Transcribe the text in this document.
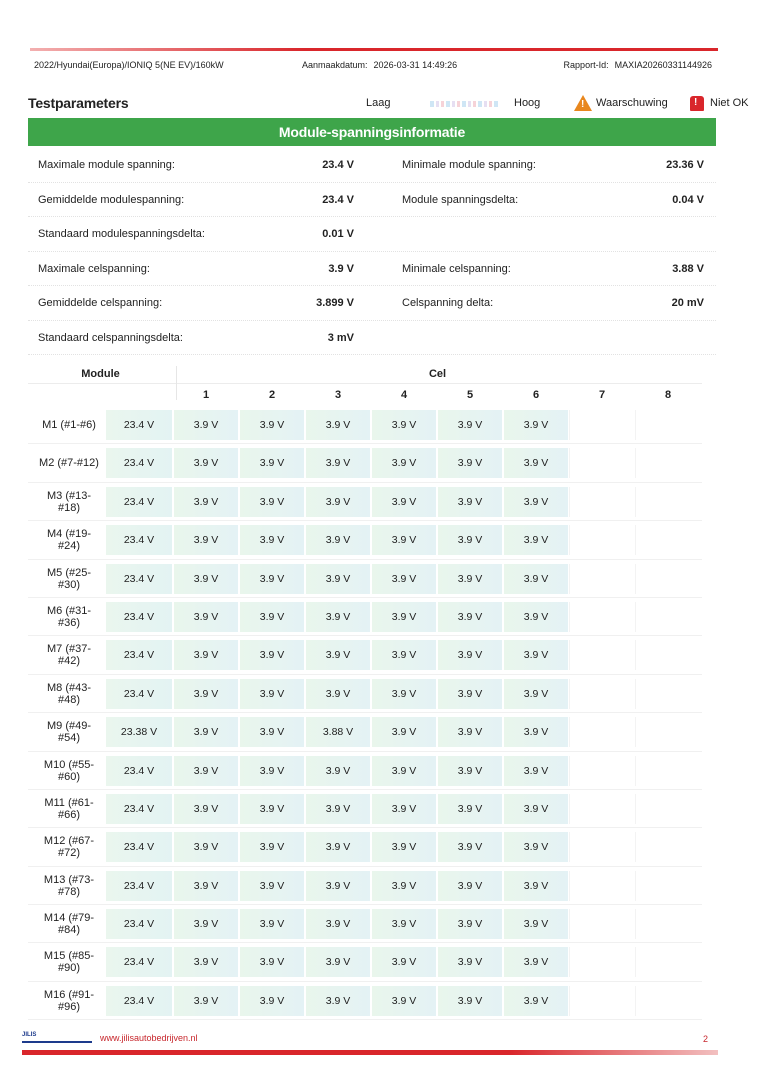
2022/Hyundai(Europa)/IONIQ 5(NE EV)/160kW	Aanmaakdatum: 2026-03-31 14:49:26	Rapport-Id: MAXIA20260331144926
Testparameters	Laag	Hoog	! Waarschuwing	! Niet OK
Module-spanningsinformatie
Maximale module spanning:	23.4 V	Minimale module spanning:	23.36 V
Gemiddelde modulespanning:	23.4 V	Module spanningsdelta:	0.04 V
Standaard modulespanningsdelta:	0.01 V
Maximale celspanning:	3.9 V	Minimale celspanning:	3.88 V
Gemiddelde celspanning:	3.899 V	Celspanning delta:	20 mV
Standaard celspanningsdelta:	3 mV
Module	Cel
1	2	3	4	5	6	7	8
M1 (#1-#6)	23.4 V	3.9 V	3.9 V	3.9 V	3.9 V	3.9 V	3.9 V
M2 (#7-#12)	23.4 V	3.9 V	3.9 V	3.9 V	3.9 V	3.9 V	3.9 V
M3 (#13-#18)	23.4 V	3.9 V	3.9 V	3.9 V	3.9 V	3.9 V	3.9 V
M4 (#19-#24)	23.4 V	3.9 V	3.9 V	3.9 V	3.9 V	3.9 V	3.9 V
M5 (#25-#30)	23.4 V	3.9 V	3.9 V	3.9 V	3.9 V	3.9 V	3.9 V
M6 (#31-#36)	23.4 V	3.9 V	3.9 V	3.9 V	3.9 V	3.9 V	3.9 V
M7 (#37-#42)	23.4 V	3.9 V	3.9 V	3.9 V	3.9 V	3.9 V	3.9 V
M8 (#43-#48)	23.4 V	3.9 V	3.9 V	3.9 V	3.9 V	3.9 V	3.9 V
M9 (#49-#54)	23.38 V	3.9 V	3.9 V	3.88 V	3.9 V	3.9 V	3.9 V
M10 (#55-#60)	23.4 V	3.9 V	3.9 V	3.9 V	3.9 V	3.9 V	3.9 V
M11 (#61-#66)	23.4 V	3.9 V	3.9 V	3.9 V	3.9 V	3.9 V	3.9 V
M12 (#67-#72)	23.4 V	3.9 V	3.9 V	3.9 V	3.9 V	3.9 V	3.9 V
M13 (#73-#78)	23.4 V	3.9 V	3.9 V	3.9 V	3.9 V	3.9 V	3.9 V
M14 (#79-#84)	23.4 V	3.9 V	3.9 V	3.9 V	3.9 V	3.9 V	3.9 V
M15 (#85-#90)	23.4 V	3.9 V	3.9 V	3.9 V	3.9 V	3.9 V	3.9 V
M16 (#91-#96)	23.4 V	3.9 V	3.9 V	3.9 V	3.9 V	3.9 V	3.9 V
JILIS	www.jilisautobedrijven.nl	2
